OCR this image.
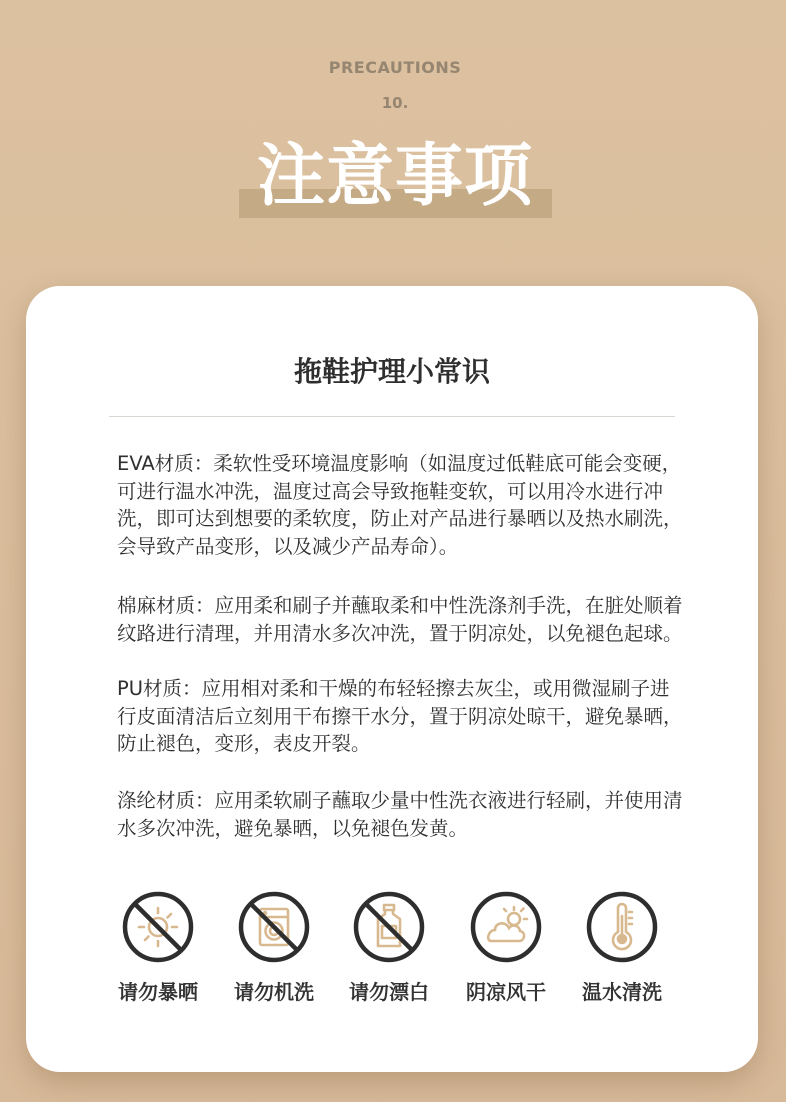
PRECAUTIONS
10.
注意事项
拖鞋护理小常识

EVA材质：柔软性受环境温度影响（如温度过低鞋底可能会变硬，可进行温水冲洗，温度过高会导致拖鞋变软，可以用冷水进行冲洗，即可达到想要的柔软度，防止对产品进行暴晒以及热水刷洗，会导致产品变形，以及减少产品寿命）。

棉麻材质：应用柔和刷子并蘸取柔和中性洗涤剂手洗，在脏处顺着纹路进行清理，并用清水多次冲洗，置于阴凉处，以免褪色起球。

PU材质：应用相对柔和干燥的布轻轻擦去灰尘，或用微湿刷子进行皮面清洁后立刻用干布擦干水分，置于阴凉处晾干，避免暴晒，防止褪色，变形，表皮开裂。

涤纶材质：应用柔软刷子蘸取少量中性洗衣液进行轻刷，并使用清水多次冲洗，避免暴晒，以免褪色发黄。

请勿暴晒	请勿机洗	请勿漂白	阴凉风干	温水清洗
